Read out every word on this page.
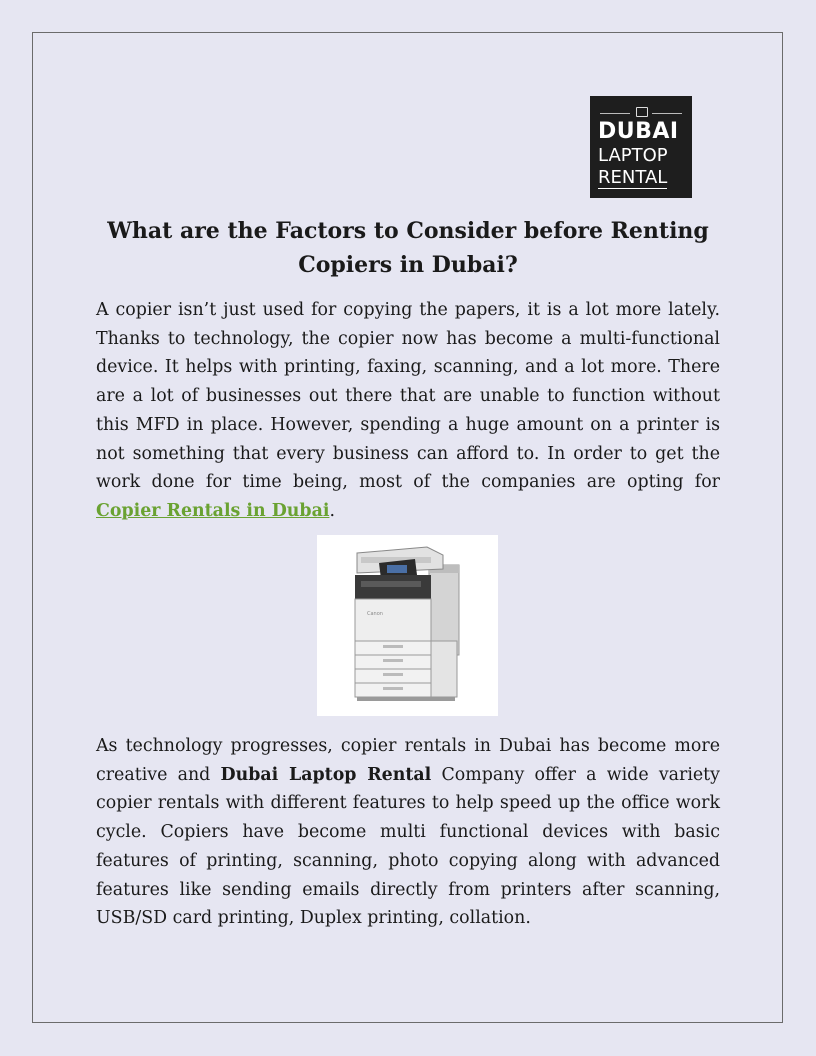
DUBAI
LAPTOP
RENTAL
What are the Factors to Consider before Renting Copiers in Dubai?

A copier isn’t just used for copying the papers, it is a lot more lately. Thanks to technology, the copier now has become a multi-functional device. It helps with printing, faxing, scanning, and a lot more. There are a lot of businesses out there that are unable to function without this MFD in place. However, spending a huge amount on a printer is not something that every business can afford to. In order to get the work done for time being, most of the companies are opting for Copier Rentals in Dubai.

Canon

As technology progresses, copier rentals in Dubai has become more creative and Dubai Laptop Rental Company offer a wide variety copier rentals with different features to help speed up the office work cycle. Copiers have become multi functional devices with basic features of printing, scanning, photo copying along with advanced features like sending emails directly from printers after scanning, USB/SD card printing, Duplex printing, collation.
